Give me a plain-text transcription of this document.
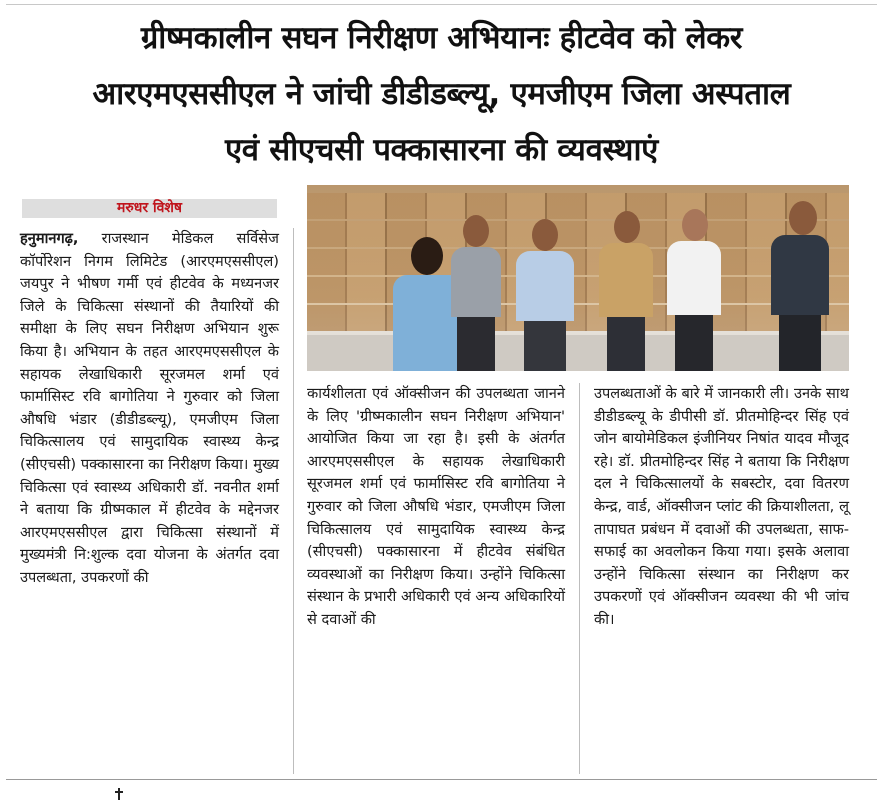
ग्रीष्मकालीन सघन निरीक्षण अभियानः हीटवेव को लेकर
आरएमएससीएल ने जांची डीडीडब्ल्यू, एमजीएम जिला अस्पताल
एवं सीएचसी पक्कासारना की व्यवस्थाएं
मरुधर विशेष

हनुमानगढ़, राजस्थान मेडिकल सर्विसेज कॉर्पोरेशन निगम लिमिटेड (आरएमएससीएल) जयपुर ने भीषण गर्मी एवं हीटवेव के मध्यनजर जिले के चिकित्सा संस्थानों की तैयारियों की समीक्षा के लिए सघन निरीक्षण अभियान शुरू किया है। अभियान के तहत आरएमएससीएल के सहायक लेखाधिकारी सूरजमल शर्मा एवं फार्मासिस्ट रवि बागोतिया ने गुरुवार को जिला औषधि भंडार (डीडीडब्ल्यू), एमजीएम जिला चिकित्सालय एवं सामुदायिक स्वास्थ्य केन्द्र (सीएचसी) पक्कासारना का निरीक्षण किया। मुख्य चिकित्सा एवं स्वास्थ्य अधिकारी डॉ. नवनीत शर्मा ने बताया कि ग्रीष्मकाल में हीटवेव के मद्देनजर आरएमएससीएल द्वारा चिकित्सा संस्थानों में मुख्यमंत्री नि:शुल्क दवा योजना के अंतर्गत दवा उपलब्धता, उपकरणों की

कार्यशीलता एवं ऑक्सीजन की उपलब्धता जानने के लिए 'ग्रीष्मकालीन सघन निरीक्षण अभियान' आयोजित किया जा रहा है। इसी के अंतर्गत आरएमएससीएल के सहायक लेखाधिकारी सूरजमल शर्मा एवं फार्मासिस्ट रवि बागोतिया ने गुरुवार को जिला औषधि भंडार, एमजीएम जिला चिकित्सालय एवं सामुदायिक स्वास्थ्य केन्द्र (सीएचसी) पक्कासारना में हीटवेव संबंधित व्यवस्थाओं का निरीक्षण किया। उन्होंने चिकित्सा संस्थान के प्रभारी अधिकारी एवं अन्य अधिकारियों से दवाओं की

उपलब्धताओं के बारे में जानकारी ली। उनके साथ डीडीडब्ल्यू के डीपीसी डॉ. प्रीतमोहिन्दर सिंह एवं जोन बायोमेडिकल इंजीनियर निषांत यादव मौजूद रहे। डॉ. प्रीतमोहिन्दर सिंह ने बताया कि निरीक्षण दल ने चिकित्सालयों के सबस्टोर, दवा वितरण केन्द्र, वार्ड, ऑक्सीजन प्लांट की क्रियाशीलता, लू तापाघत प्रबंधन में दवाओं की उपलब्धता, साफ-सफाई का अवलोकन किया गया। इसके अलावा उन्होंने चिकित्सा संस्थान का निरीक्षण कर उपकरणों एवं ऑक्सीजन व्यवस्था की भी जांच की।
